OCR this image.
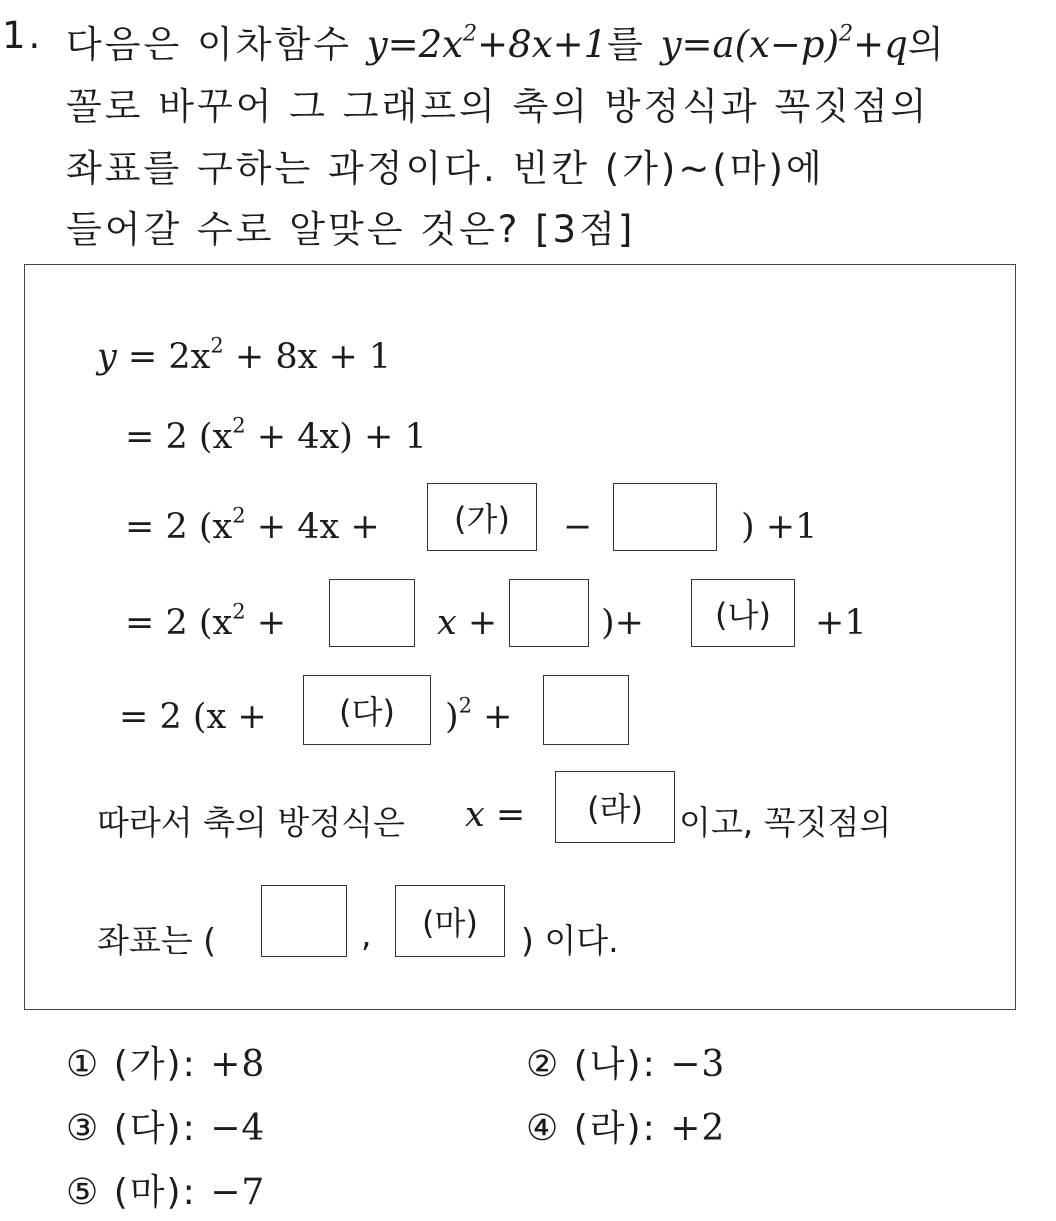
1. 다음은 이차함수 $y=2x^2+8x+1$를 $y=a(x-p)^2+q$의
꼴로 바꾸어 그 그래프의 축의 방정식과 꼭짓점의
좌표를 구하는 과정이다. 빈칸 (가)~(마)에
들어갈 수로 알맞은 것은? [3점]
$y = 2x^2 + 8x + 1$
= 2 $(x^2 + 4x) + 1$
= 2 ($x^2 + 4x$ +	(가)	−	) +1
= 2 ($x^2$ +	x +	)+	(나)	+1
= 2 (x +	(다)	)$^2$ +
따라서 축의 방정식은 x =	(라)	이고, 꼭짓점의
좌표는 (	,	(마)	) 이다.
① (가): +8	② (나): −3
③ (다): −4	④ (라): +2
⑤ (마): −7
